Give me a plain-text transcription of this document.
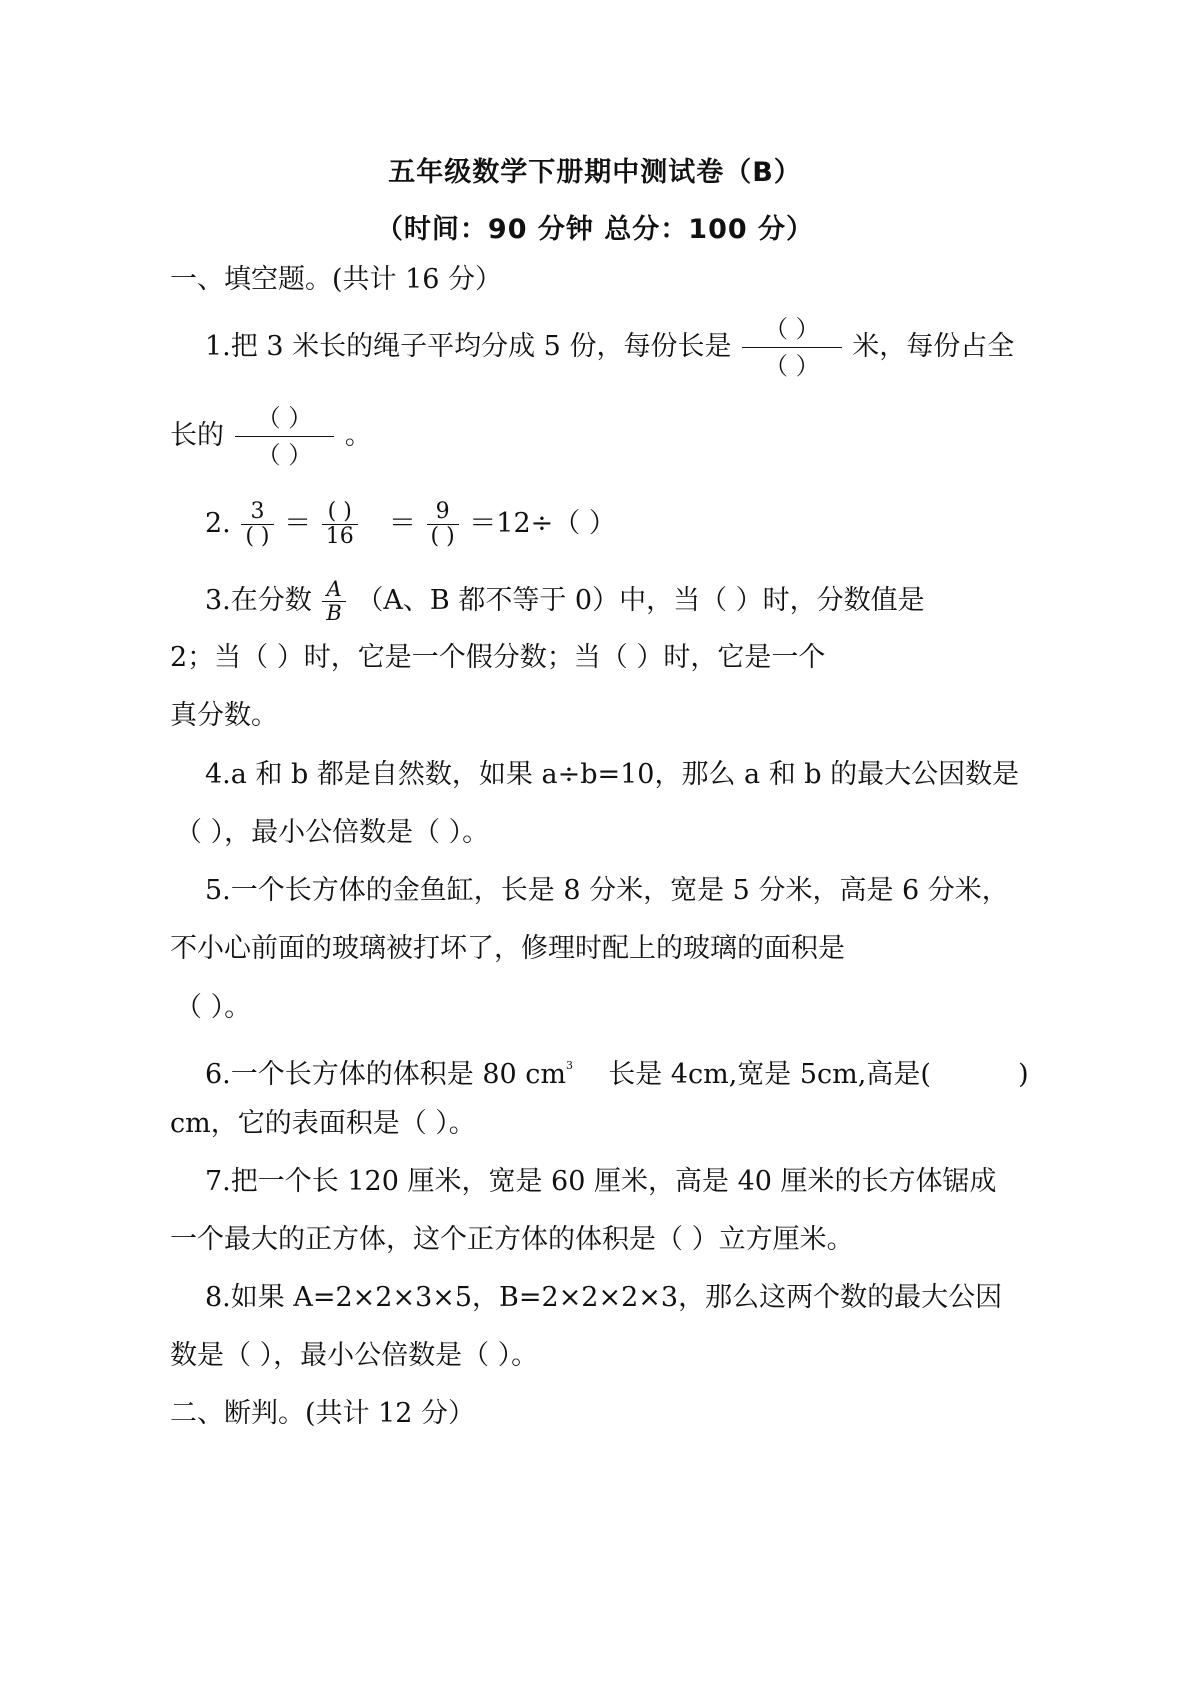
五年级数学下册期中测试卷（B）
（时间：90 分钟 总分：100 分）
一、填空题。(共计 16 分）
1.把 3 米长的绳子平均分成 5 份，每份长是 $\frac{( )}{( )}$ 米，每份占全
长的 $\frac{( )}{( )}$ 。
2. $\frac{3}{( )} = \frac{( )}{16} = \frac{9}{( )} =12\div$（ ）
3.在分数 $\frac{A}{B} (A$、B 都不等于 0）中，当（ ）时，分数值是
2；当（ ）时，它是一个假分数；当（ ）时，它是一个
真分数。
4.a 和 b 都是自然数，如果 a÷b=10，那么 a 和 b 的最大公因数是
（ ），最小公倍数是（ ）。
5.一个长方体的金鱼缸，长是 8 分米，宽是 5 分米，高是 6 分米，
不小心前面的玻璃被打坏了，修理时配上的玻璃的面积是
（ ）。
6.一个长方体的体积是 80 $cm^3$ 长是 4cm,宽是 5cm,高是(	)
cm，它的表面积是（ ）。
7.把一个长 120 厘米，宽是 60 厘米，高是 40 厘米的长方体锯成
一个最大的正方体，这个正方体的体积是（ ）立方厘米。
8.如果 A=2×2×3×5，B=2×2×2×3，那么这两个数的最大公因
数是（ ），最小公倍数是（ ）。
二、断判。(共计 12 分）
